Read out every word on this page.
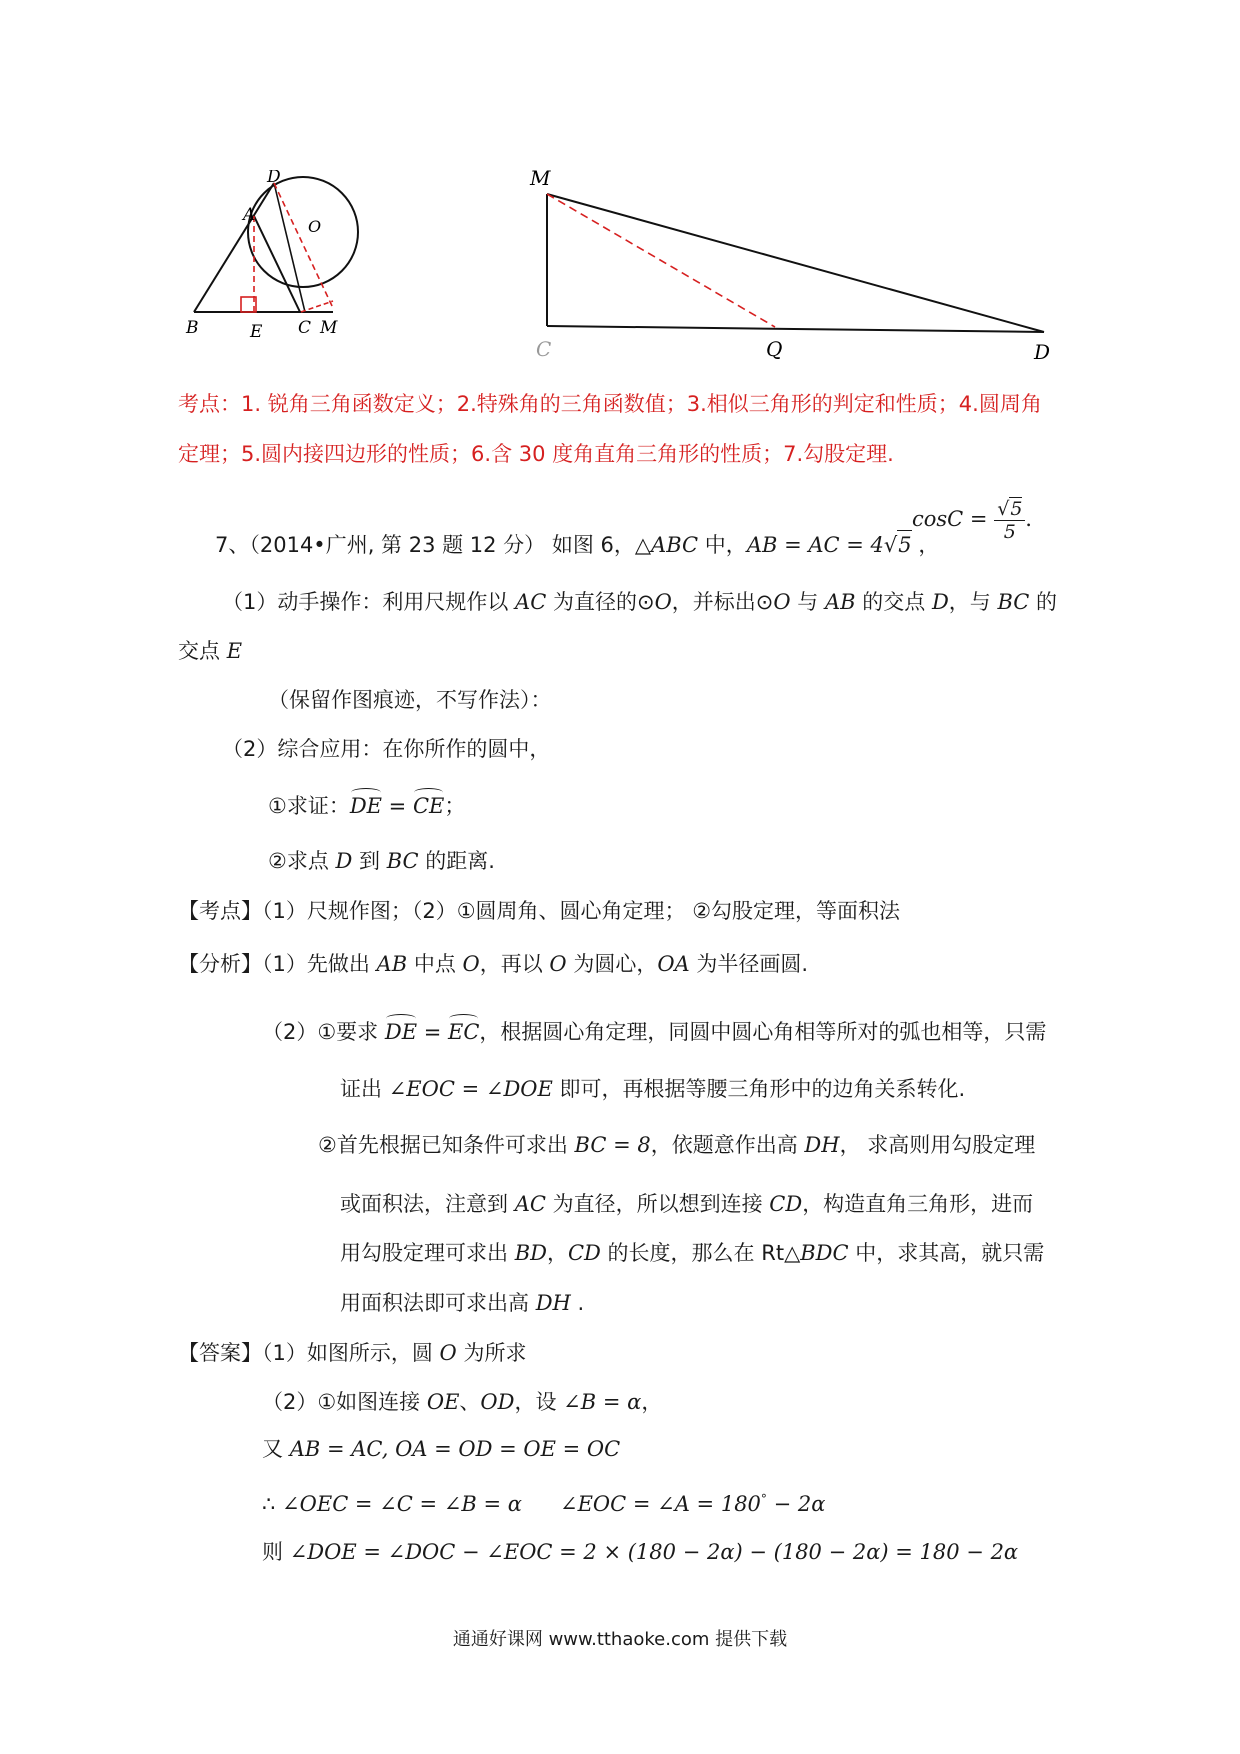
D
A
O
B	E C M
M
C	Q	D
考点：1. 锐角三角函数定义；2.特殊角的三角函数值；3.相似三角形的判定和性质；4.圆周角
定理；5.圆内接四边形的性质；6.含 30 度角直角三角形的性质；7.勾股定理.
7、（2014•广州, 第 23 题 12 分） 如图 6，△ABC 中，AB = AC = 4√5 ，
$\cos C = \frac{√5}{5}$ ．
（1）动手操作：利用尺规作以 AC 为直径的⊙O，并标出⊙O 与 AB 的交点 D，与 BC 的
交点 E
（保留作图痕迹，不写作法）：
（2）综合应用：在你所作的圆中，
①求证：DE = CE；
②求点 D 到 BC 的距离.
【考点】（1）尺规作图；（2）①圆周角、圆心角定理； ②勾股定理，等面积法
【分析】（1）先做出 AB 中点 O，再以 O 为圆心，OA 为半径画圆.
（2）①要求 DE = EC，根据圆心角定理，同圆中圆心角相等所对的弧也相等，只需
证出 ∠EOC = ∠DOE 即可，再根据等腰三角形中的边角关系转化.
②首先根据已知条件可求出 BC = 8，依题意作出高 DH， 求高则用勾股定理
或面积法，注意到 AC 为直径，所以想到连接 CD，构造直角三角形，进而
用勾股定理可求出 BD，CD 的长度，那么在 Rt△BDC 中，求其高，就只需
用面积法即可求出高 DH .
【答案】（1）如图所示，圆 O 为所求
（2）①如图连接 OE、OD，设 ∠B = α，
又 AB = AC, OA = OD = OE = OC
∴ ∠OEC = ∠C = ∠B = α ∠EOC = ∠A = 180° − 2α
则 ∠DOE = ∠DOC − ∠EOC = 2 × (180 − 2α) − (180 − 2α) = 180 − 2α
通通好课网 www.tthaoke.com 提供下载
